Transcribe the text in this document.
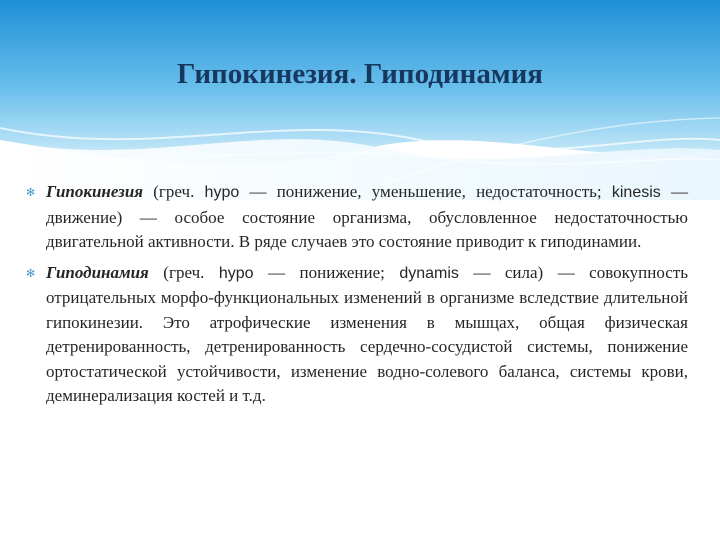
Гипокинезия. Гиподинамия

✻ Гипокинезия (греч. hypo — понижение, уменьшение, недостаточность; kinesis — движение) — особое состояние организма, обусловленное недостаточностью двигательной активности. В ряде случаев это состояние приводит к гиподинамии.

✻ Гиподинамия (греч. hypo — понижение; dynamis — сила) — совокупность отрицательных морфо-функциональных изменений в организме вследствие длительной гипокинезии. Это атрофические изменения в мышцах, общая физическая детренированность, детренированность сердечно-сосудистой системы, понижение ортостатической устойчивости, изменение водно-солевого баланса, системы крови, деминерализация костей и т.д.
